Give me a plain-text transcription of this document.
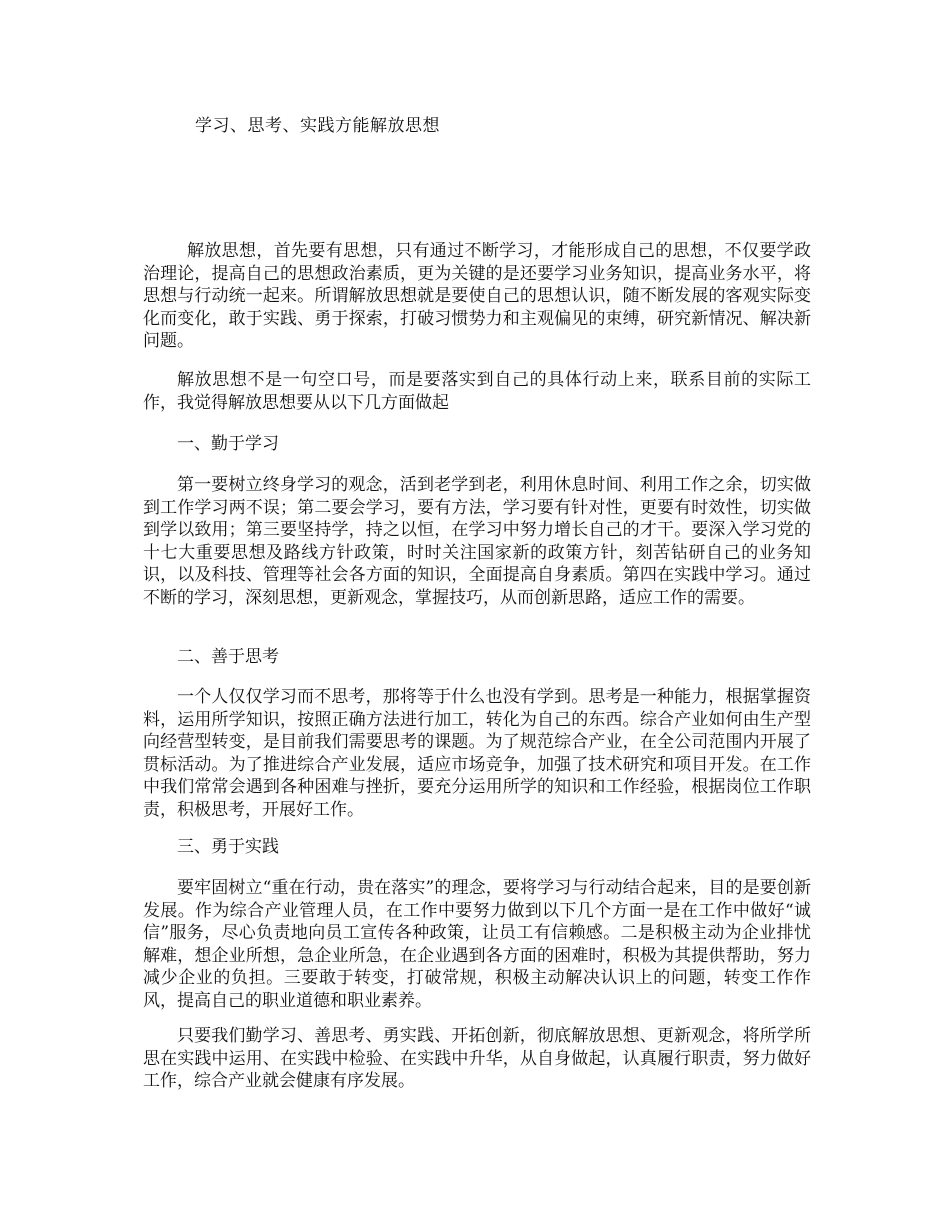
学习、思考、实践方能解放思想

解放思想，首先要有思想，只有通过不断学习，才能形成自己的思想，不仅要学政治理论，提高自己的思想政治素质，更为关键的是还要学习业务知识，提高业务水平，将思想与行动统一起来。所谓解放思想就是要使自己的思想认识，随不断发展的客观实际变化而变化，敢于实践、勇于探索，打破习惯势力和主观偏见的束缚，研究新情况、解决新问题。

解放思想不是一句空口号，而是要落实到自己的具体行动上来，联系目前的实际工作，我觉得解放思想要从以下几方面做起

一、勤于学习

第一要树立终身学习的观念，活到老学到老，利用休息时间、利用工作之余，切实做到工作学习两不误；第二要会学习，要有方法，学习要有针对性，更要有时效性，切实做到学以致用；第三要坚持学，持之以恒，在学习中努力增长自己的才干。要深入学习党的十七大重要思想及路线方针政策，时时关注国家新的政策方针，刻苦钻研自己的业务知识，以及科技、管理等社会各方面的知识，全面提高自身素质。第四在实践中学习。通过不断的学习，深刻思想，更新观念，掌握技巧，从而创新思路，适应工作的需要。

二、善于思考

一个人仅仅学习而不思考，那将等于什么也没有学到。思考是一种能力，根据掌握资料，运用所学知识，按照正确方法进行加工，转化为自己的东西。综合产业如何由生产型向经营型转变，是目前我们需要思考的课题。为了规范综合产业，在全公司范围内开展了贯标活动。为了推进综合产业发展，适应市场竞争，加强了技术研究和项目开发。在工作中我们常常会遇到各种困难与挫折，要充分运用所学的知识和工作经验，根据岗位工作职责，积极思考，开展好工作。

三、勇于实践

要牢固树立“重在行动，贵在落实”的理念，要将学习与行动结合起来，目的是要创新发展。作为综合产业管理人员，在工作中要努力做到以下几个方面一是在工作中做好“诚信”服务，尽心负责地向员工宣传各种政策，让员工有信赖感。二是积极主动为企业排忧解难，想企业所想，急企业所急，在企业遇到各方面的困难时，积极为其提供帮助，努力减少企业的负担。三要敢于转变，打破常规，积极主动解决认识上的问题，转变工作作风，提高自己的职业道德和职业素养。

只要我们勤学习、善思考、勇实践、开拓创新，彻底解放思想、更新观念，将所学所思在实践中运用、在实践中检验、在实践中升华，从自身做起，认真履行职责，努力做好工作，综合产业就会健康有序发展。
